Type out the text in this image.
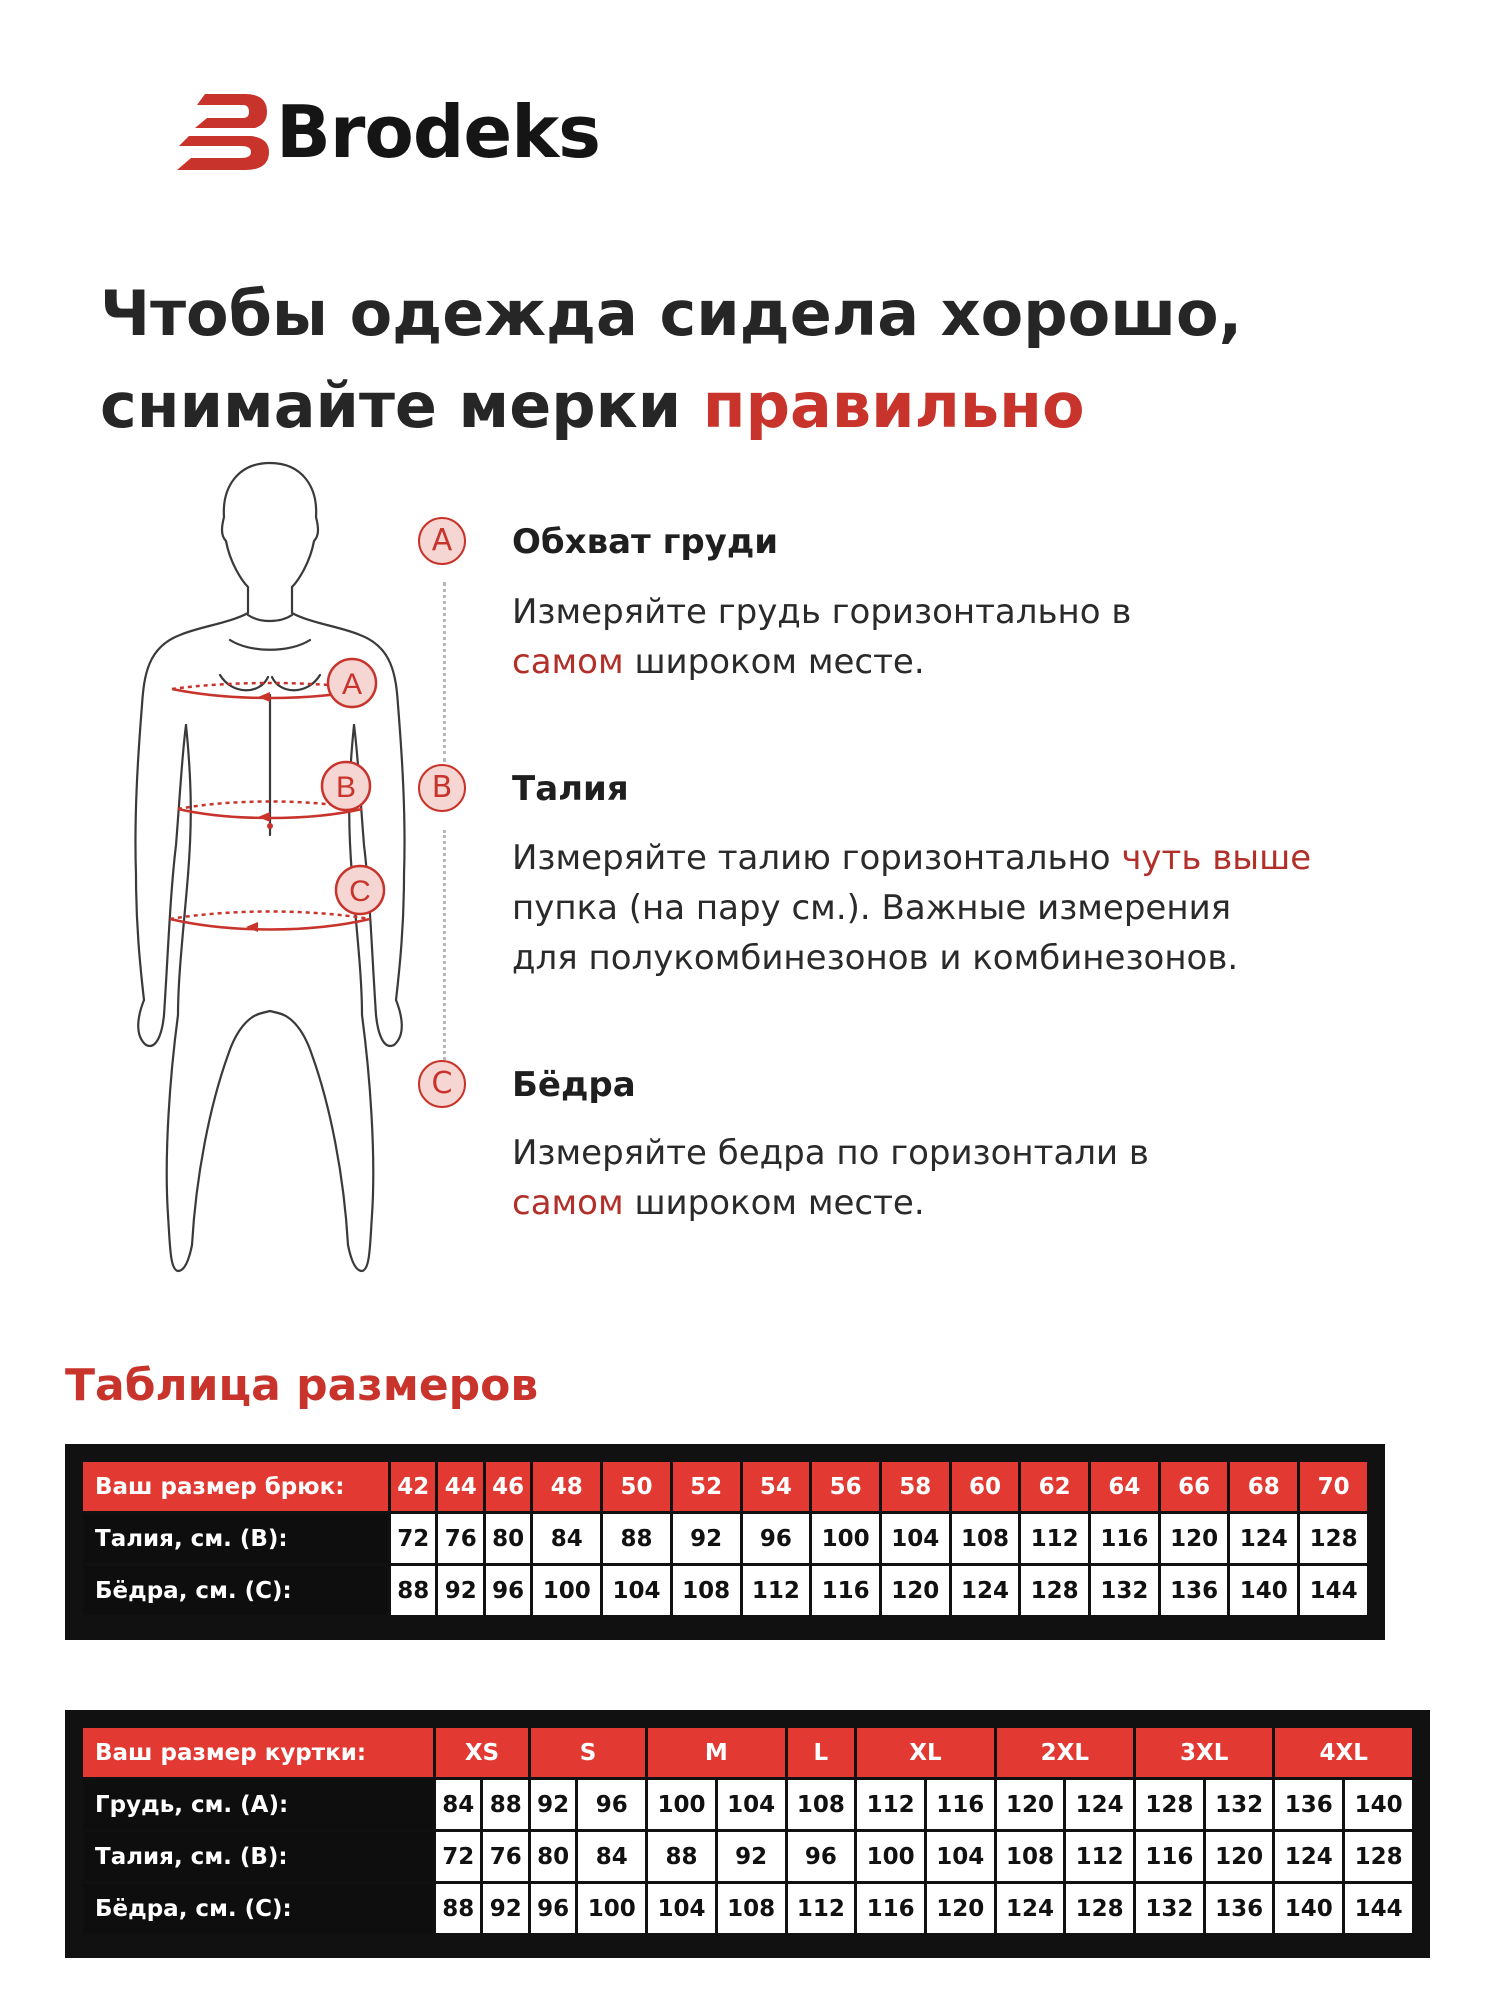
Brodeks
Чтобы одежда сидела хорошо,
снимайте мерки правильно
A
B
C
A	Обхват груди
Измеряйте грудь горизонтально в
самом широком месте.
B	Талия
Измеряйте талию горизонтально чуть выше
пупка (на пару см.). Важные измерения
для полукомбинезонов и комбинезонов.
C	Бёдра
Измеряйте бедра по горизонтали в
самом широком месте.
Таблица размеров
Ваш размер брюк:	42	44	46	48	50	52	54	56	58	60	62	64	66	68	70
Талия, см. (B):	72	76	80	84	88	92	96	100	104	108	112	116	120	124	128
Бёдра, см. (C):	88	92	96	100	104	108	112	116	120	124	128	132	136	140	144
Ваш размер куртки:	XS		S		M		L	XL		2XL		3XL		4XL	
Грудь, см. (A):	84	88	92	96	100	104	108	112	116	120	124	128	132	136	140
Талия, см. (B):	72	76	80	84	88	92	96	100	104	108	112	116	120	124	128
Бёдра, см. (C):	88	92	96	100	104	108	112	116	120	124	128	132	136	140	144
